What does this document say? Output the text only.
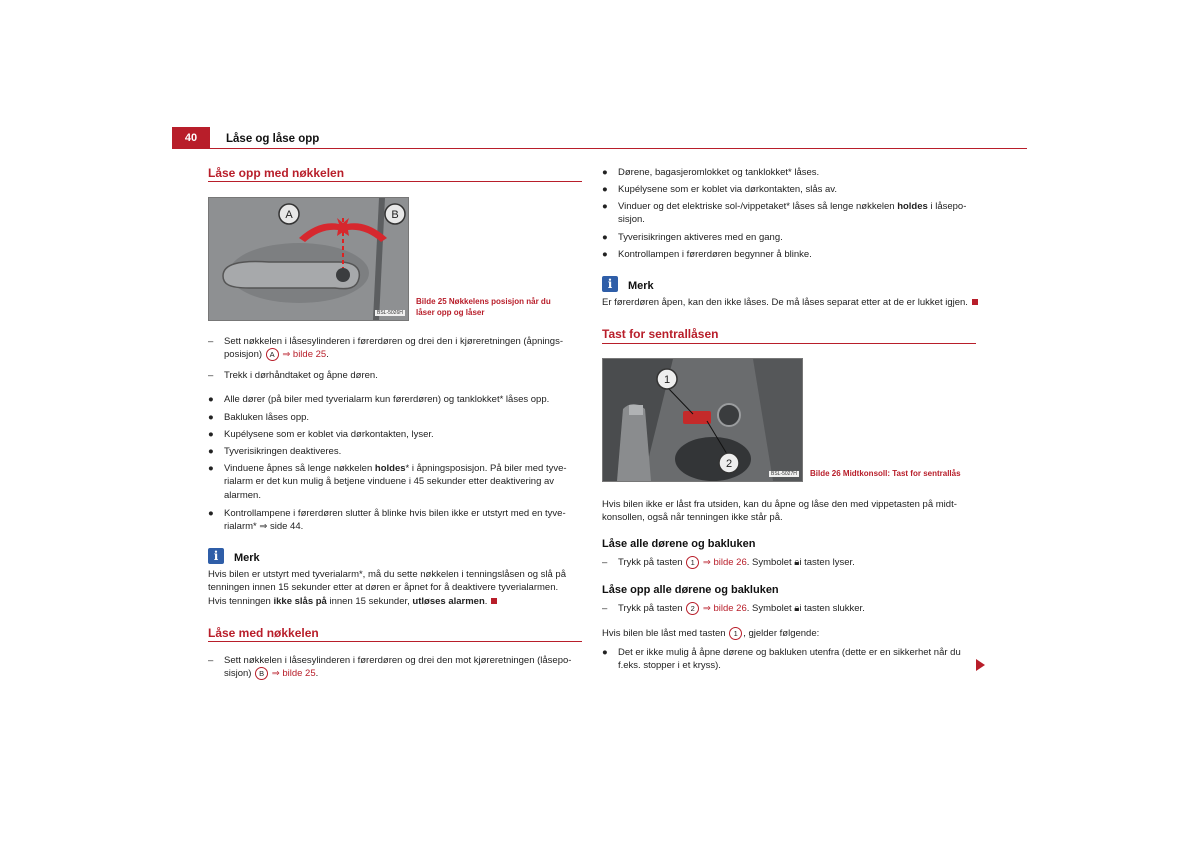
40	Låse og låse opp
Låse opp med nøkkelen
A	B
BSL-5026H
Bilde 25 Nøkkelens posisjon når du
låser opp og låser
– Sett nøkkelen i låsesylinderen i førerdøren og drei den i kjøreretningen (åpnings-
posisjon) A ⇒ bilde 25.
– Trekk i dørhåndtaket og åpne døren.
● Alle dører (på biler med tyverialarm kun førerdøren) og tanklokket* låses opp.
● Bakluken låses opp.
● Kupélysene som er koblet via dørkontakten, lyser.
● Tyverisikringen deaktiveres.
● Vinduene åpnes så lenge nøkkelen holdes* i åpningsposisjon. På biler med tyve-
rialarm er det kun mulig å betjene vinduene i 45 sekunder etter deaktivering av
alarmen.
● Kontrollampene i førerdøren slutter å blinke hvis bilen ikke er utstyrt med en tyve-
rialarm* ⇒ side 44.
i	Merk
Hvis bilen er utstyrt med tyverialarm*, må du sette nøkkelen i tenningslåsen og slå på
tenningen innen 15 sekunder etter at døren er åpnet for å deaktivere tyverialarmen.
Hvis tenningen ikke slås på innen 15 sekunder, utløses alarmen.
Låse med nøkkelen
– Sett nøkkelen i låsesylinderen i førerdøren og drei den mot kjøreretningen (låsepo-
sisjon) B ⇒ bilde 25.
● Dørene, bagasjeromlokket og tanklokket* låses.
● Kupélysene som er koblet via dørkontakten, slås av.
● Vinduer og det elektriske sol-/vippetaket* låses så lenge nøkkelen holdes i låsepo-
sisjon.
● Tyverisikringen aktiveres med en gang.
● Kontrollampen i førerdøren begynner å blinke.
i	Merk
Er førerdøren åpen, kan den ikke låses. De må låses separat etter at de er lukket igjen.
Tast for sentrallåsen
1
2
BSL-5027H Bilde 26 Midtkonsoll: Tast for sentrallås
Hvis bilen ikke er låst fra utsiden, kan du åpne og låse den med vippetasten på midt-
konsollen, også når tenningen ikke står på.
Låse alle dørene og bakluken
– Trykk på tasten 1 ⇒ bilde 26. Symbolet 🔒︎i tasten lyser.
Låse opp alle dørene og bakluken
– Trykk på tasten 2 ⇒ bilde 26. Symbolet 🔒︎i tasten slukker.
Hvis bilen ble låst med tasten 1 , gjelder følgende:
● Det er ikke mulig å åpne dørene og bakluken utenfra (dette er en sikkerhet når du
f.eks. stopper i et kryss).
